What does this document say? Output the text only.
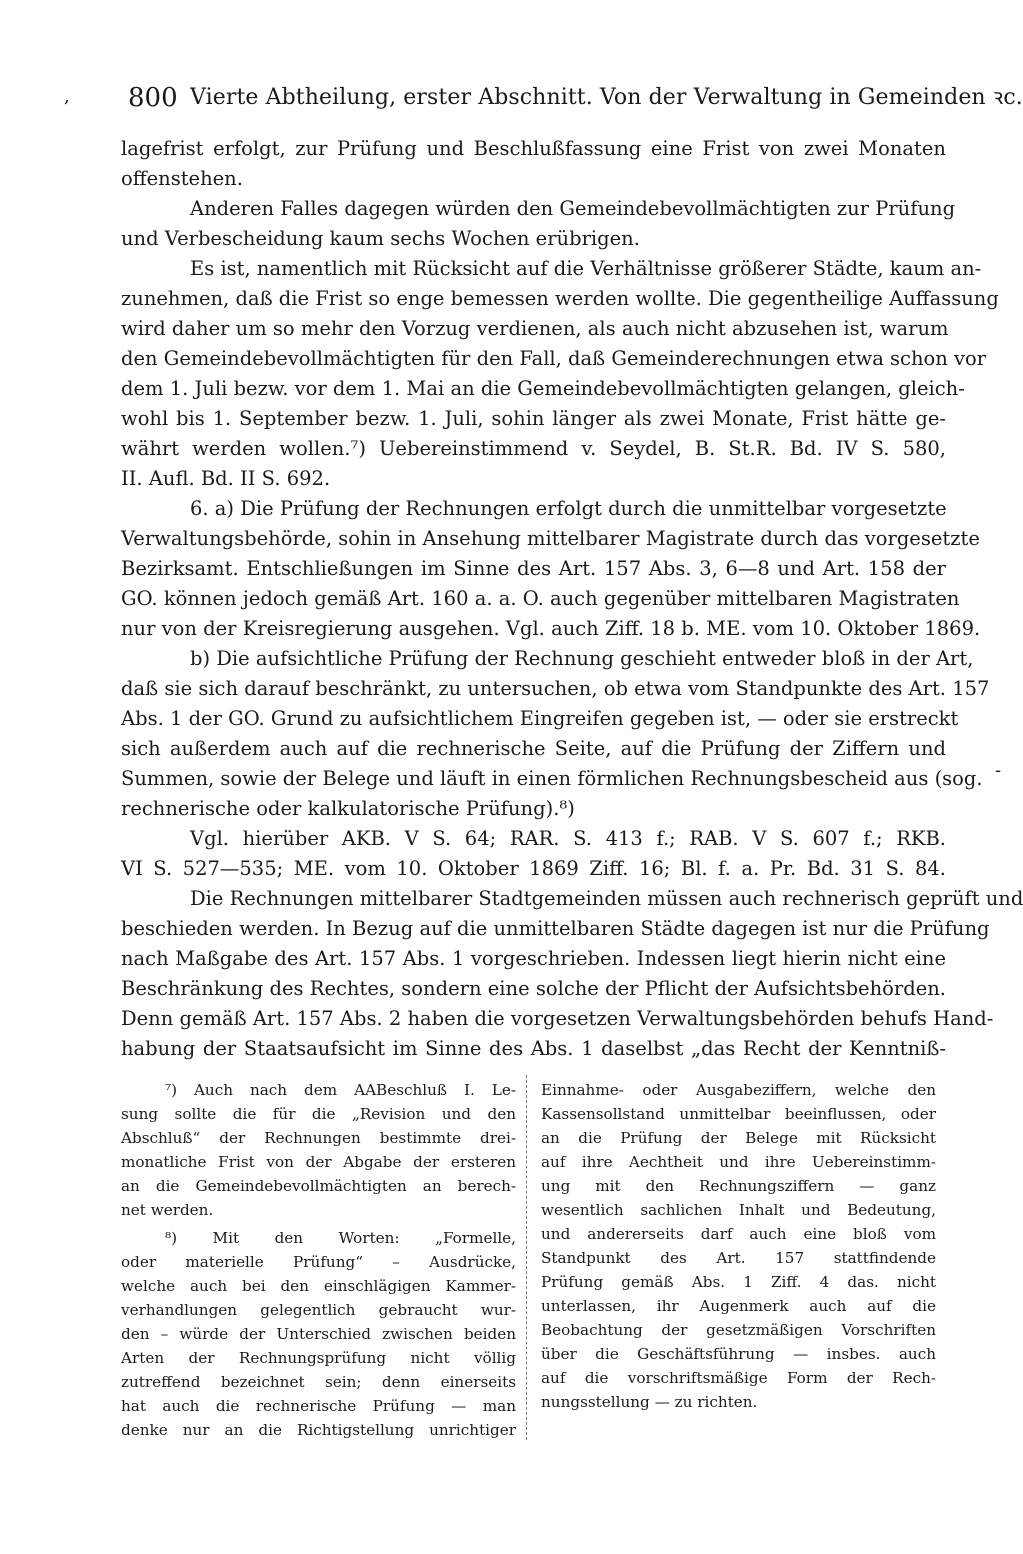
,
-
800 Vierte Abtheilung, erster Abschnitt. Von der Verwaltung in Gemeinden ꝛc.
lagefrist erfolgt, zur Prüfung und Beschlußfassung eine Frist von zwei Monaten
offenstehen.
Anderen Falles dagegen würden den Gemeindebevollmächtigten zur Prüfung
und Verbescheidung kaum sechs Wochen erübrigen.
Es ist, namentlich mit Rücksicht auf die Verhältnisse größerer Städte, kaum an-
zunehmen, daß die Frist so enge bemessen werden wollte. Die gegentheilige Auffassung
wird daher um so mehr den Vorzug verdienen, als auch nicht abzusehen ist, warum
den Gemeindebevollmächtigten für den Fall, daß Gemeinderechnungen etwa schon vor
dem 1. Juli bezw. vor dem 1. Mai an die Gemeindebevollmächtigten gelangen, gleich-
wohl bis 1. September bezw. 1. Juli, sohin länger als zwei Monate, Frist hätte ge-
währt werden wollen.⁷) Uebereinstimmend v. Seydel, B. St.R. Bd. IV S. 580,
II. Aufl. Bd. II S. 692.
6. a) Die Prüfung der Rechnungen erfolgt durch die unmittelbar vorgesetzte
Verwaltungsbehörde, sohin in Ansehung mittelbarer Magistrate durch das vorgesetzte
Bezirksamt. Entschließungen im Sinne des Art. 157 Abs. 3, 6—8 und Art. 158 der
GO. können jedoch gemäß Art. 160 a. a. O. auch gegenüber mittelbaren Magistraten
nur von der Kreisregierung ausgehen. Vgl. auch Ziff. 18 b. ME. vom 10. Oktober 1869.
b) Die aufsichtliche Prüfung der Rechnung geschieht entweder bloß in der Art,
daß sie sich darauf beschränkt, zu untersuchen, ob etwa vom Standpunkte des Art. 157
Abs. 1 der GO. Grund zu aufsichtlichem Eingreifen gegeben ist, — oder sie erstreckt
sich außerdem auch auf die rechnerische Seite, auf die Prüfung der Ziffern und
Summen, sowie der Belege und läuft in einen förmlichen Rechnungsbescheid aus (sog.
rechnerische oder kalkulatorische Prüfung).⁸)
Vgl. hierüber AKB. V S. 64; RAR. S. 413 f.; RAB. V S. 607 f.; RKB.
VI S. 527—535; ME. vom 10. Oktober 1869 Ziff. 16; Bl. f. a. Pr. Bd. 31 S. 84.
Die Rechnungen mittelbarer Stadtgemeinden müssen auch rechnerisch geprüft und
beschieden werden. In Bezug auf die unmittelbaren Städte dagegen ist nur die Prüfung
nach Maßgabe des Art. 157 Abs. 1 vorgeschrieben. Indessen liegt hierin nicht eine
Beschränkung des Rechtes, sondern eine solche der Pflicht der Aufsichtsbehörden.
Denn gemäß Art. 157 Abs. 2 haben die vorgesetzen Verwaltungsbehörden behufs Hand-
habung der Staatsaufsicht im Sinne des Abs. 1 daselbst „das Recht der Kenntniß-
⁷) Auch nach dem AABeschluß I. Le-
sung sollte die für die „Revision und den
Abschluß“ der Rechnungen bestimmte drei-
monatliche Frist von der Abgabe der ersteren
an die Gemeindebevollmächtigten an berech-
net werden.
⁸) Mit den Worten: „Formelle,
oder materielle Prüfung“ – Ausdrücke,
welche auch bei den einschlägigen Kammer-
verhandlungen gelegentlich gebraucht wur-
den – würde der Unterschied zwischen beiden
Arten der Rechnungsprüfung nicht völlig
zutreffend bezeichnet sein; denn einerseits
hat auch die rechnerische Prüfung — man
denke nur an die Richtigstellung unrichtiger
Einnahme- oder Ausgabeziffern, welche den
Kassensollstand unmittelbar beeinflussen, oder
an die Prüfung der Belege mit Rücksicht
auf ihre Aechtheit und ihre Uebereinstimm-
ung mit den Rechnungsziffern — ganz
wesentlich sachlichen Inhalt und Bedeutung,
und andererseits darf auch eine bloß vom
Standpunkt des Art. 157 stattfindende
Prüfung gemäß Abs. 1 Ziff. 4 das. nicht
unterlassen, ihr Augenmerk auch auf die
Beobachtung der gesetzmäßigen Vorschriften
über die Geschäftsführung — insbes. auch
auf die vorschriftsmäßige Form der Rech-
nungsstellung — zu richten.
